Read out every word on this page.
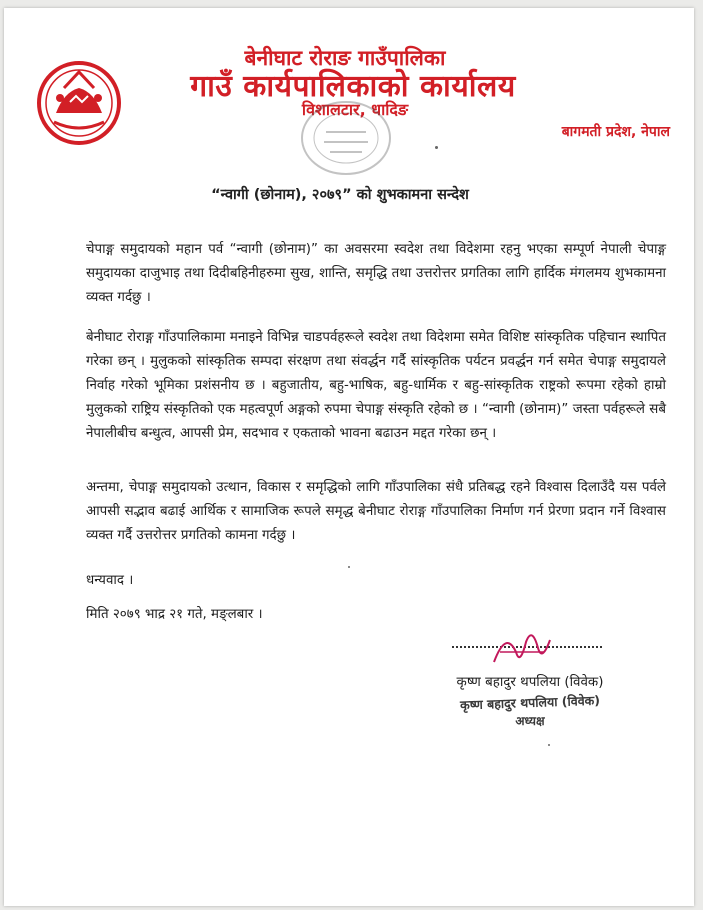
बेनीघाट रोराङ गाउँपालिका
गाउँ कार्यपालिकाको कार्यालय
विशालटार, धादिङ
बागमती प्रदेश, नेपाल
“न्वागी (छोनाम), २०७९” को शुभकामना सन्देश
चेपाङ्ग समुदायको महान पर्व “न्वागी (छोनाम)” का अवसरमा स्वदेश तथा विदेशमा रहनु भएका सम्पूर्ण नेपाली चेपाङ्ग समुदायका दाजुभाइ तथा दिदीबहिनीहरुमा सुख, शान्ति, समृद्धि तथा उत्तरोत्तर प्रगतिका लागि हार्दिक मंगलमय शुभकामना व्यक्त गर्दछु ।
बेनीघाट रोराङ्ग गाँउपालिकामा मनाइने विभिन्न चाडपर्वहरूले स्वदेश तथा विदेशमा समेत विशिष्ट सांस्कृतिक पहिचान स्थापित गरेका छन् । मुलुकको सांस्कृतिक सम्पदा संरक्षण तथा संवर्द्धन गर्दै सांस्कृतिक पर्यटन प्रवर्द्धन गर्न समेत चेपाङ्ग समुदायले निर्वाह गरेको भूमिका प्रशंसनीय छ । बहुजातीय, बहु-भाषिक, बहु-धार्मिक र बहु-सांस्कृतिक राष्ट्रको रूपमा रहेको हाम्रो मुलुकको राष्ट्रिय संस्कृतिको एक महत्वपूर्ण अङ्गको रुपमा चेपाङ्ग संस्कृति रहेको छ । “न्वागी (छोनाम)” जस्ता पर्वहरूले सबै नेपालीबीच बन्धुत्व, आपसी प्रेम, सदभाव र एकताको भावना बढाउन मद्दत गरेका छन् ।
अन्तमा, चेपाङ्ग समुदायको उत्थान, विकास र समृद्धिको लागि गाँउपालिका संधै प्रतिबद्ध रहने विश्वास दिलाउँदै यस पर्वले आपसी सद्भाव बढाई आर्थिक र सामाजिक रूपले समृद्ध बेनीघाट रोराङ्ग गाँउपालिका निर्माण गर्न प्रेरणा प्रदान गर्ने विश्वास व्यक्त गर्दै उत्तरोत्तर प्रगतिको कामना गर्दछु ।
धन्यवाद ।
मिति २०७९ भाद्र २१ गते, मङ्लबार ।
कृष्ण बहादुर थपलिया (विवेक)
कृष्ण बहादुर थपलिया (विवेक)
अध्यक्ष
